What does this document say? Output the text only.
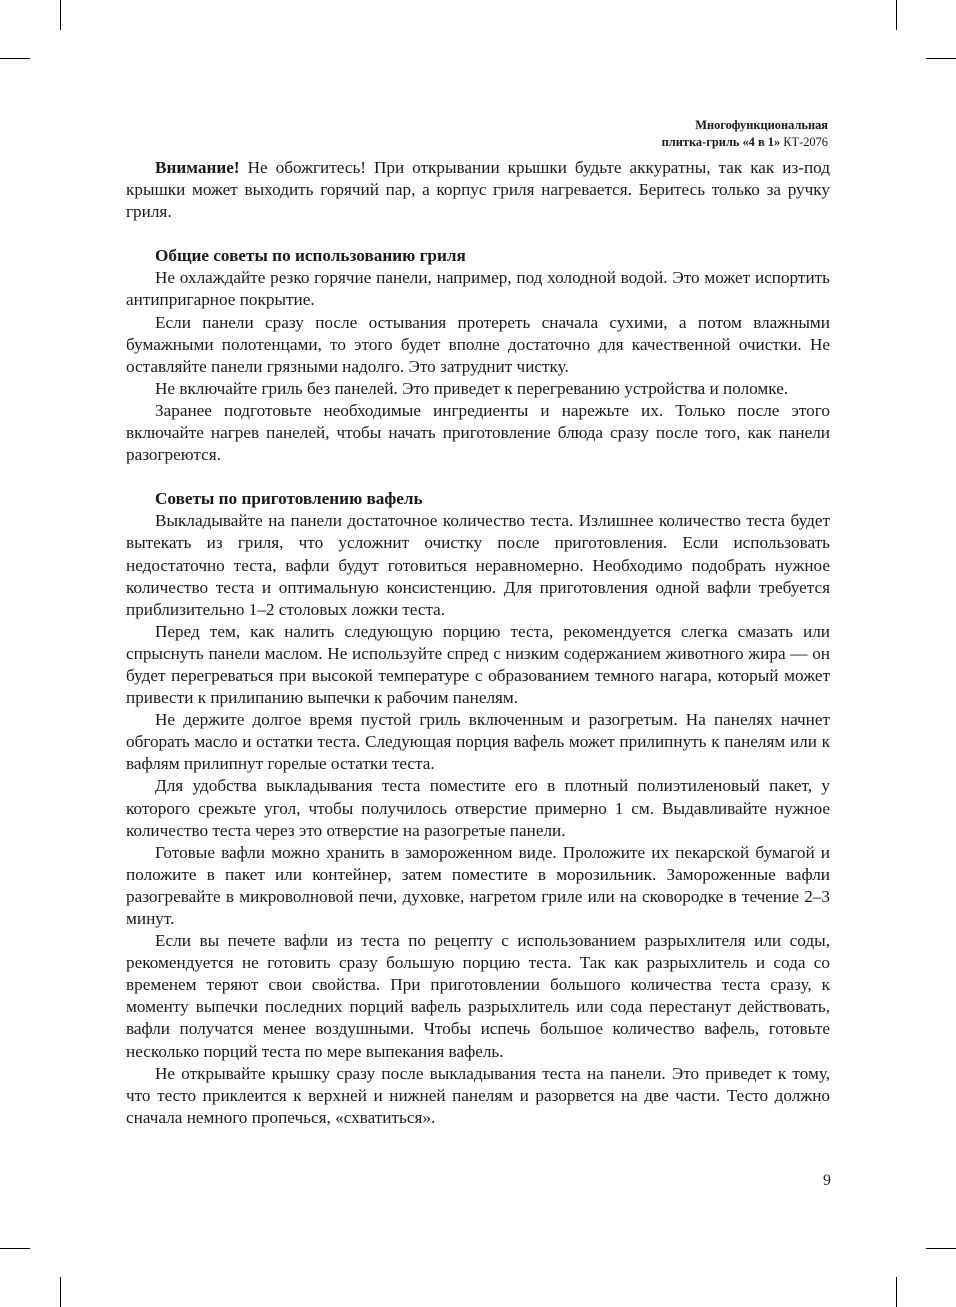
Многофункциональная
плитка-гриль «4 в 1» КТ-2076

Внимание! Не обожгитесь! При открывании крышки будьте аккуратны, так как из-под крышки может выходить горячий пар, а корпус гриля нагревается. Беритесь только за ручку гриля.

Общие советы по использованию гриля

Не охлаждайте резко горячие панели, например, под холодной водой. Это может испортить антипригарное покрытие.

Если панели сразу после остывания протереть сначала сухими, а потом влажными бумажными полотенцами, то этого будет вполне достаточно для качественной очистки. Не оставляйте панели грязными надолго. Это затруднит чистку.

Не включайте гриль без панелей. Это приведет к перегреванию устройства и поломке.

Заранее подготовьте необходимые ингредиенты и нарежьте их. Только после этого включайте нагрев панелей, чтобы начать приготовление блюда сразу после того, как панели разогреются.

Советы по приготовлению вафель

Выкладывайте на панели достаточное количество теста. Излишнее количество теста будет вытекать из гриля, что усложнит очистку после приготовления. Если использовать недостаточно теста, вафли будут готовиться неравномерно. Необходимо подобрать нужное количество теста и оптимальную консистенцию. Для приготовления одной вафли требуется приблизительно 1–2 столовых ложки теста.

Перед тем, как налить следующую порцию теста, рекомендуется слегка смазать или спрыснуть панели маслом. Не используйте спред с низким содержанием животного жира — он будет перегреваться при высокой температуре с образованием темного нагара, который может привести к прилипанию выпечки к рабочим панелям.

Не держите долгое время пустой гриль включенным и разогретым. На панелях начнет обгорать масло и остатки теста. Следующая порция вафель может прилипнуть к панелям или к вафлям прилипнут горелые остатки теста.

Для удобства выкладывания теста поместите его в плотный полиэтиленовый пакет, у которого срежьте угол, чтобы получилось отверстие примерно 1 см. Выдавливайте нужное количество теста через это отверстие на разогретые панели.

Готовые вафли можно хранить в замороженном виде. Проложите их пекарской бумагой и положите в пакет или контейнер, затем поместите в морозильник. Замороженные вафли разогревайте в микроволновой печи, духовке, нагретом гриле или на сковородке в течение 2–3 минут.

Если вы печете вафли из теста по рецепту с использованием разрыхлителя или соды, рекомендуется не готовить сразу большую порцию теста. Так как разрыхлитель и сода со временем теряют свои свойства. При приготовлении большого количества теста сразу, к моменту выпечки последних порций вафель разрыхлитель или сода перестанут действовать, вафли получатся менее воздушными. Чтобы испечь большое количество вафель, готовьте несколько порций теста по мере выпекания вафель.

Не открывайте крышку сразу после выкладывания теста на панели. Это приведет к тому, что тесто приклеится к верхней и нижней панелям и разорвется на две части. Тесто должно сначала немного пропечься, «схватиться».

9
